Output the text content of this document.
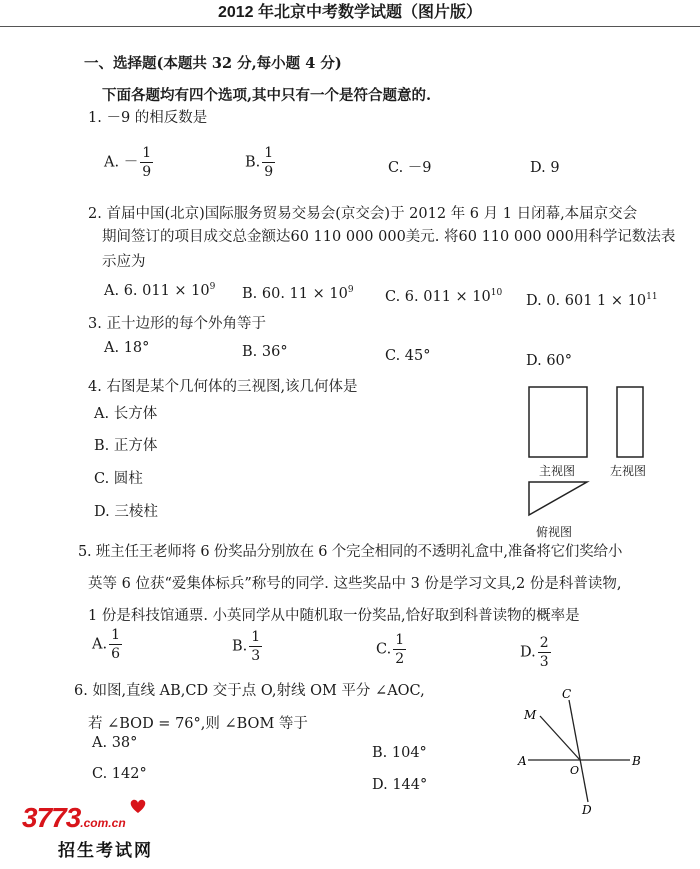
2012 年北京中考数学试题（图片版）
一、选择题(本题共 32 分,每小题 4 分)
下面各题均有四个选项,其中只有一个是符合题意的.
1. －9 的相反数是
A. － $\frac{1}{9}$	B. $\frac{1}{9}$	C. －9	D. 9
2. 首届中国(北京)国际服务贸易交易会(京交会)于 2012 年 6 月 1 日闭幕,本届京交会
期间签订的项目成交总金额达60 110 000 000美元. 将60 110 000 000用科学记数法表
示应为
A. 6. $011 \times 10^9$ B. 60. $11 \times 10^9$ C. 6. $011 \times 10^{10}$ D. 0. 601 $1 \times 10^{11}$
3. 正十边形的每个外角等于
A. 18°	B. 36°	C. 45°	D. 60°
4. 右图是某个几何体的三视图,该几何体是
A. 长方体
B. 正方体
C. 圆柱
D. 三棱柱
主视图	左视图
俯视图
5. 班主任王老师将 6 份奖品分别放在 6 个完全相同的不透明礼盒中,准备将它们奖给小
英等 6 位获“爱集体标兵”称号的同学. 这些奖品中 3 份是学习文具,2 份是科普读物,
1 份是科技馆通票. 小英同学从中随机取一份奖品,恰好取到科普读物的概率是
A. $\frac{1}{6}$	B. $\frac{1}{3}$	C. $\frac{1}{2}$	D. $\frac{2}{3}$
6. 如图,直线 AB,CD 交于点 O,射线 OM 平分 ∠AOC,
若 ∠BOD = 76°,则 ∠BOM 等于
A. 38°
B. 104°
C. 142°
D. 144°
A	B
C
D
M
O
3773.com.cn
招生考试网
